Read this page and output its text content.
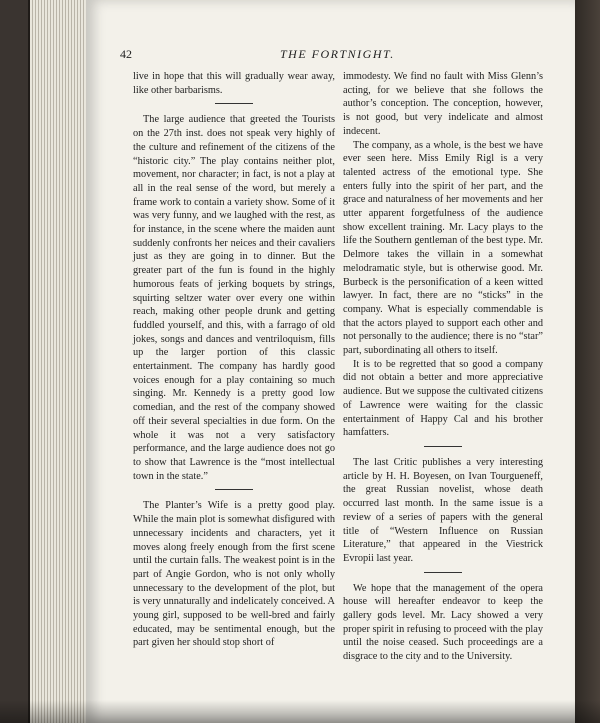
42	THE FORTNIGHT.

live in hope that this will gradually wear away, like other barbarisms.

The large audience that greeted the Tourists on the 27th inst. does not speak very highly of the culture and refinement of the citizens of the “historic city.” The play contains neither plot, movement, nor character; in fact, is not a play at all in the real sense of the word, but merely a frame work to contain a variety show. Some of it was very funny, and we laughed with the rest, as for instance, in the scene where the maiden aunt suddenly confronts her neices and their cavaliers just as they are going in to dinner. But the greater part of the fun is found in the highly humorous feats of jerking boquets by strings, squirting seltzer water over every one within reach, making other people drunk and getting fuddled yourself, and this, with a farrago of old jokes, songs and dances and ventriloquism, fills up the larger portion of this classic entertainment. The company has hardly good voices enough for a play containing so much singing. Mr. Kennedy is a pretty good low comedian, and the rest of the company showed off their several specialties in due form. On the whole it was not a very satisfactory performance, and the large audience does not go to show that Lawrence is the “most intellectual town in the state.”

The Planter’s Wife is a pretty good play. While the main plot is somewhat disfigured with unnecessary incidents and characters, yet it moves along freely enough from the first scene until the curtain falls. The weakest point is in the part of Angie Gordon, who is not only wholly unnecessary to the development of the plot, but is very unnaturally and indelicately conceived. A young girl, supposed to be well-bred and fairly educated, may be sentimental enough, but the part given her should stop short of

immodesty. We find no fault with Miss Glenn’s acting, for we believe that she follows the author’s conception. The conception, however, is not good, but very indelicate and almost indecent.

The company, as a whole, is the best we have ever seen here. Miss Emily Rigl is a very talented actress of the emotional type. She enters fully into the spirit of her part, and the grace and naturalness of her movements and her utter apparent forgetfulness of the audience show excellent training. Mr. Lacy plays to the life the Southern gentleman of the best type. Mr. Delmore takes the villain in a somewhat melodramatic style, but is otherwise good. Mr. Burbeck is the personification of a keen witted lawyer. In fact, there are no “sticks” in the company. What is especially commendable is that the actors played to support each other and not personally to the audience; there is no “star” part, subordinating all others to itself.

It is to be regretted that so good a company did not obtain a better and more appreciative audience. But we suppose the cultivated citizens of Lawrence were waiting for the classic entertainment of Happy Cal and his brother hamfatters.

The last Critic publishes a very interesting article by H. H. Boyesen, on Ivan Tourgueneff, the great Russian novelist, whose death occurred last month. In the same issue is a review of a series of papers with the general title of “Western Influence on Russian Literature,” that appeared in the Viestrick Evropii last year.

We hope that the management of the opera house will hereafter endeavor to keep the gallery gods level. Mr. Lacy showed a very proper spirit in refusing to proceed with the play until the noise ceased. Such proceedings are a disgrace to the city and to the University.
